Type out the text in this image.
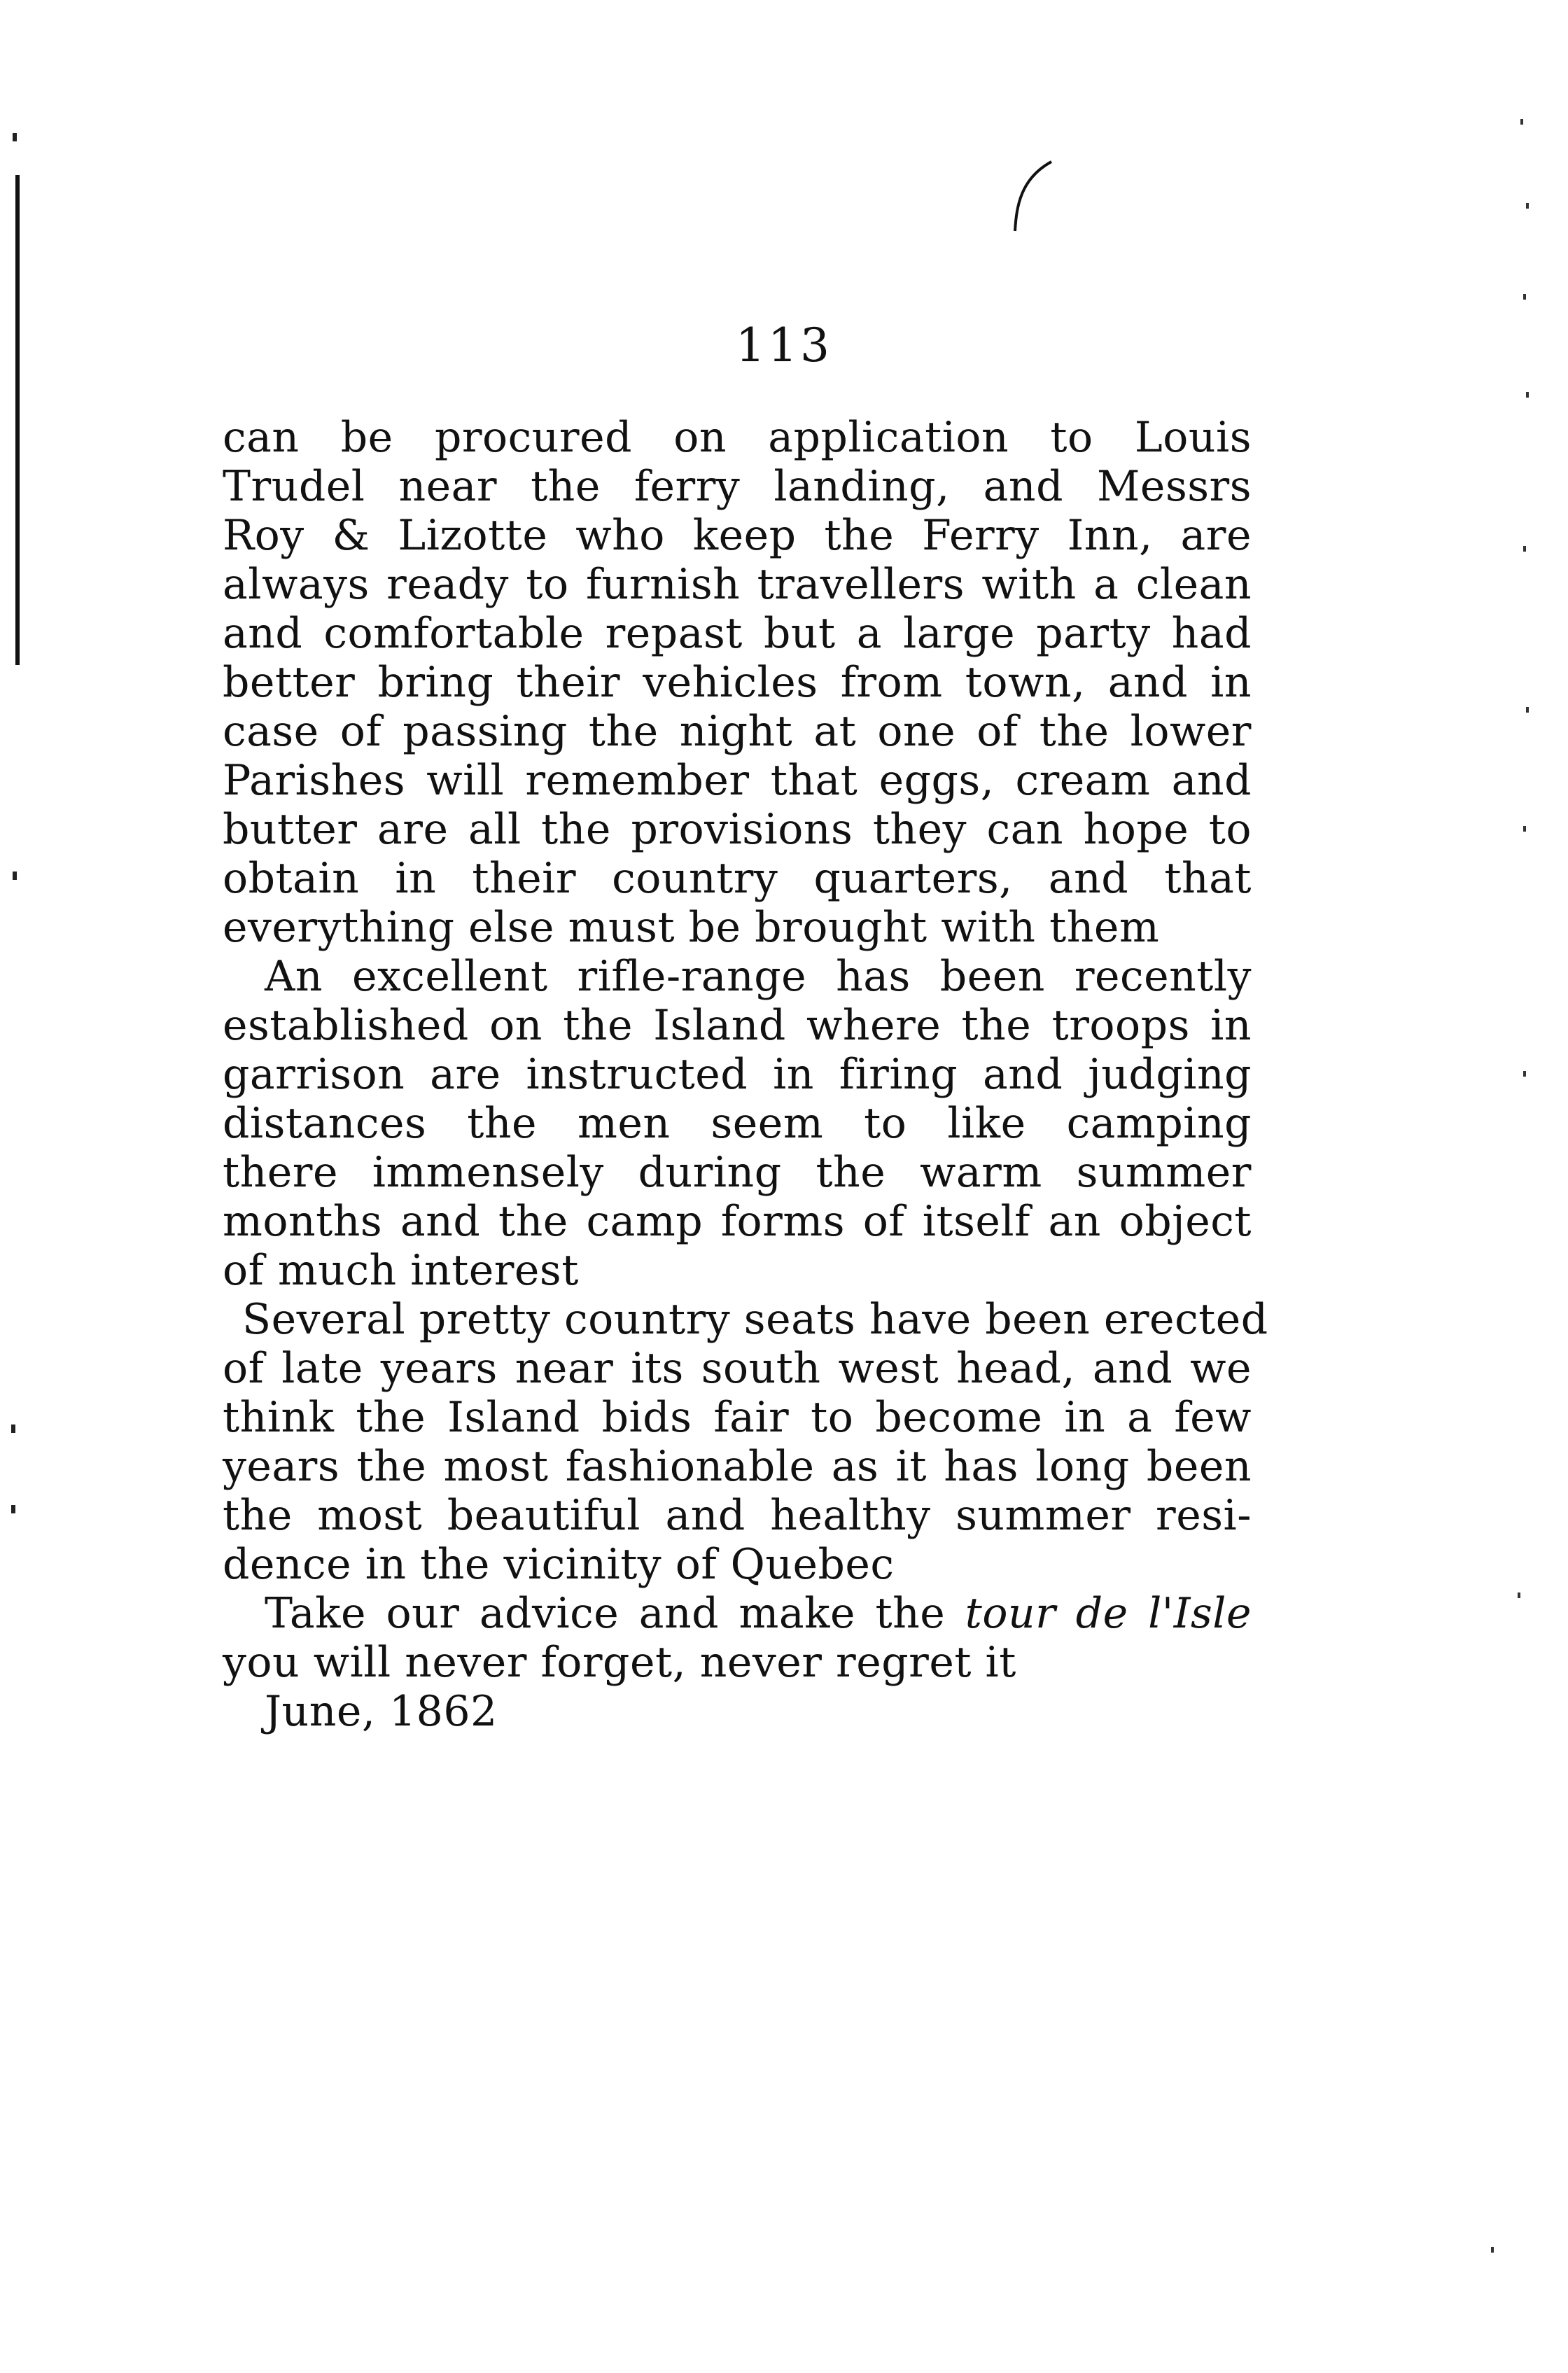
113
can be procured on application to Louis
Trudel near the ferry landing, and Messrs
Roy & Lizotte who keep the Ferry Inn, are
always ready to furnish travellers with a clean
and comfortable repast but a large party had
better bring their vehicles from town, and in
case of passing the night at one of the lower
Parishes will remember that eggs, cream and
butter are all the provisions they can hope to
obtain in their country quarters, and that
everything else must be brought with them
An excellent rifle-range has been recently
established on the Island where the troops in
garrison are instructed in firing and judging
distances the men seem to like camping
there immensely during the warm summer
months and the camp forms of itself an object
of much interest
Several pretty country seats have been erected
of late years near its south west head, and we
think the Island bids fair to become in a few
years the most fashionable as it has long been
the most beautiful and healthy summer resi-
dence in the vicinity of Quebec
Take our advice and make the tour de l'Isle
you will never forget, never regret it
June, 1862
